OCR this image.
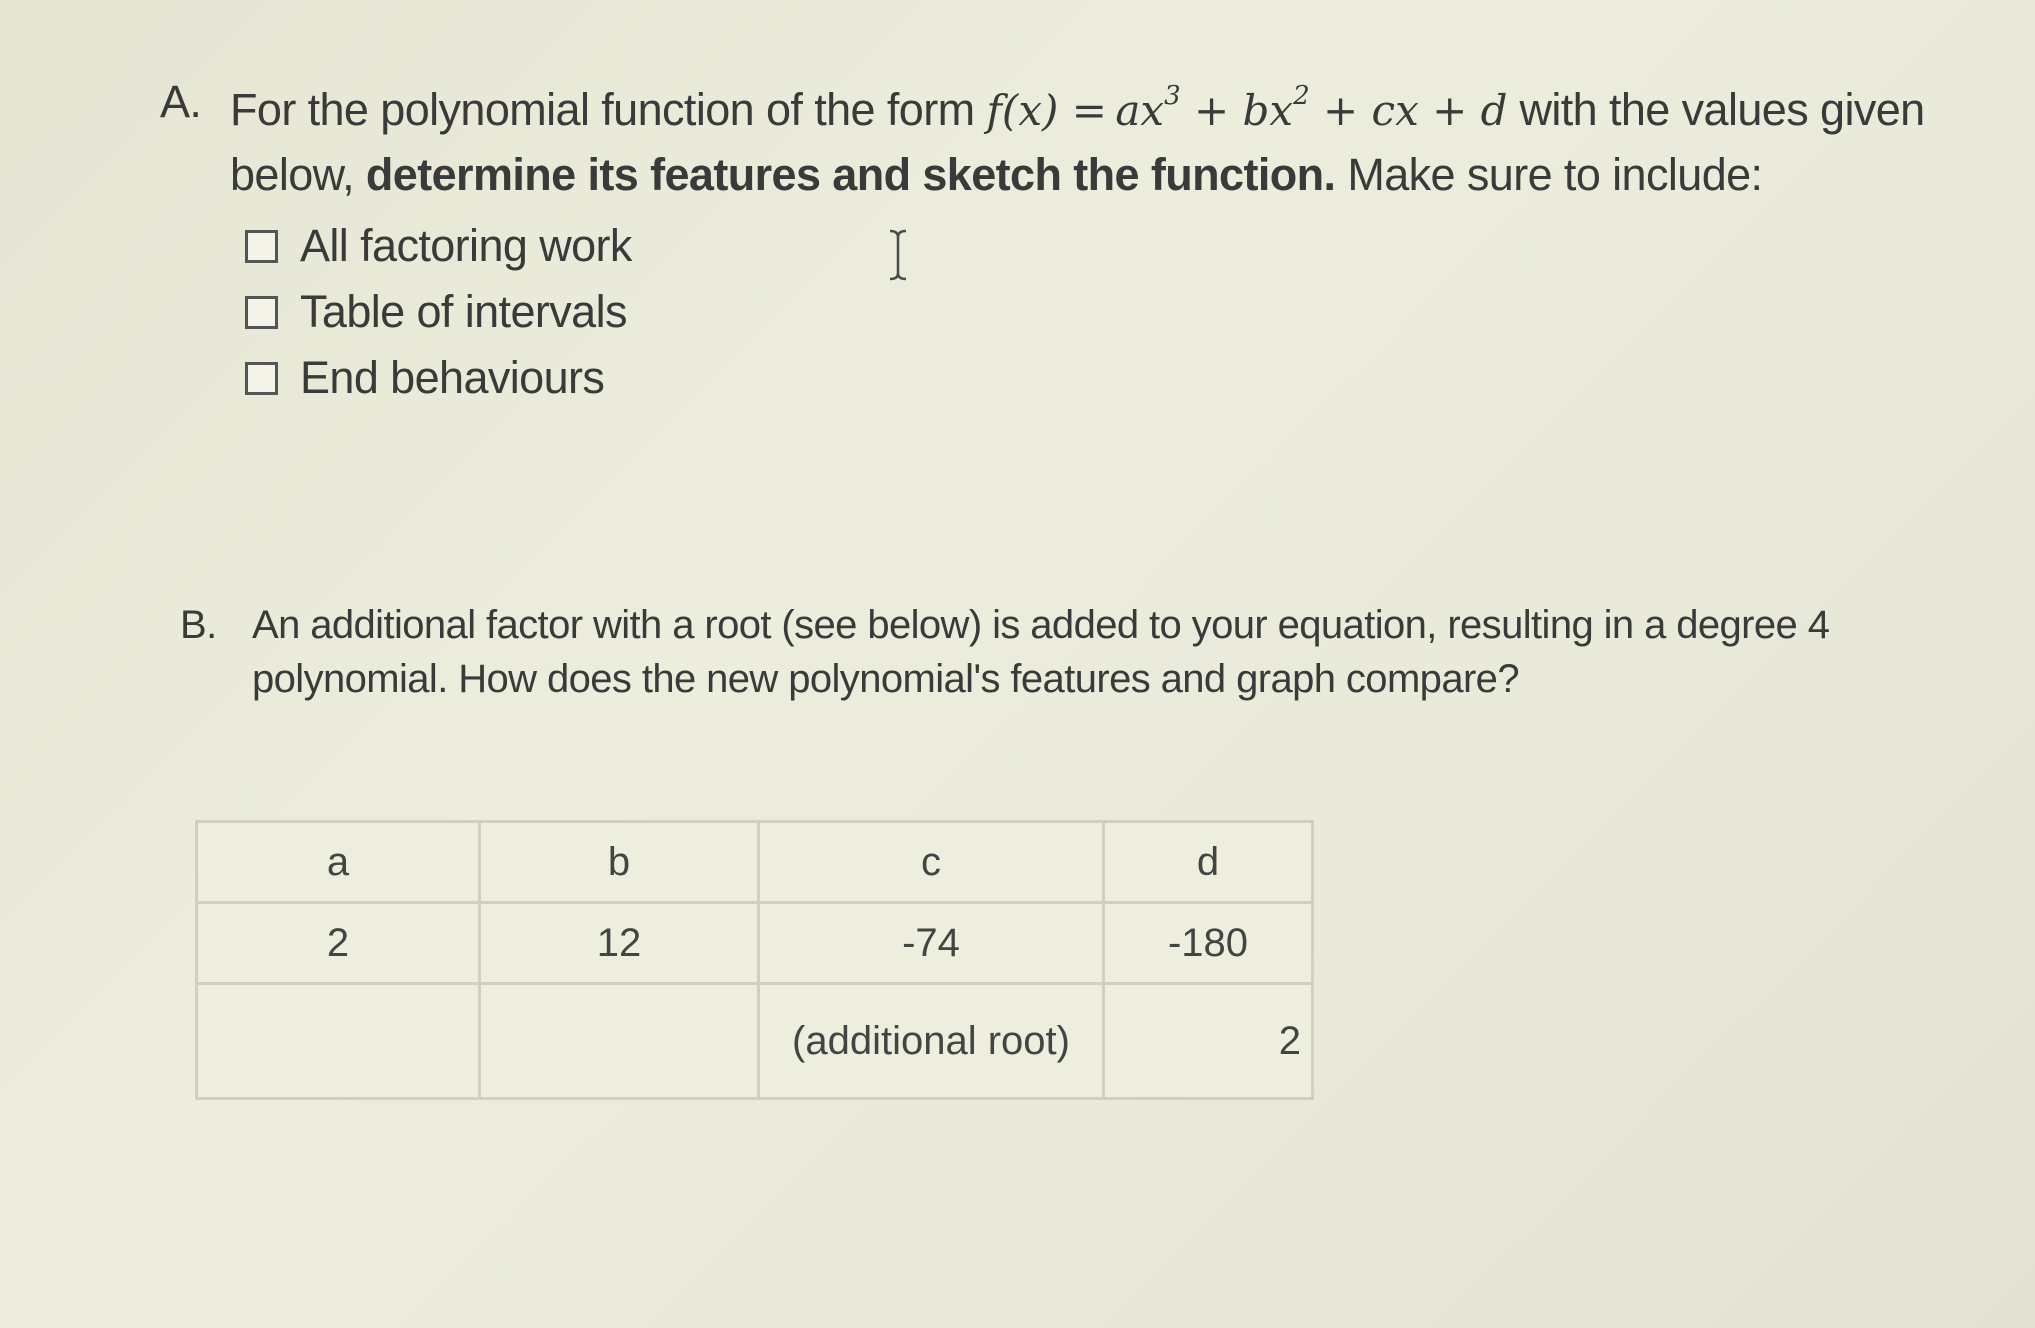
A. For the polynomial function of the form $f(x) = ax^3 + bx^2$ + cx + d with the values given below, determine its features and sketch the function. Make sure to include:
All factoring work
Table of intervals
End behaviours
B. An additional factor with a root (see below) is added to your equation, resulting in a degree 4 polynomial. How does the new polynomial's features and graph compare?
a	b	c	d
2	12	-74	-180
		(additional root)	2
